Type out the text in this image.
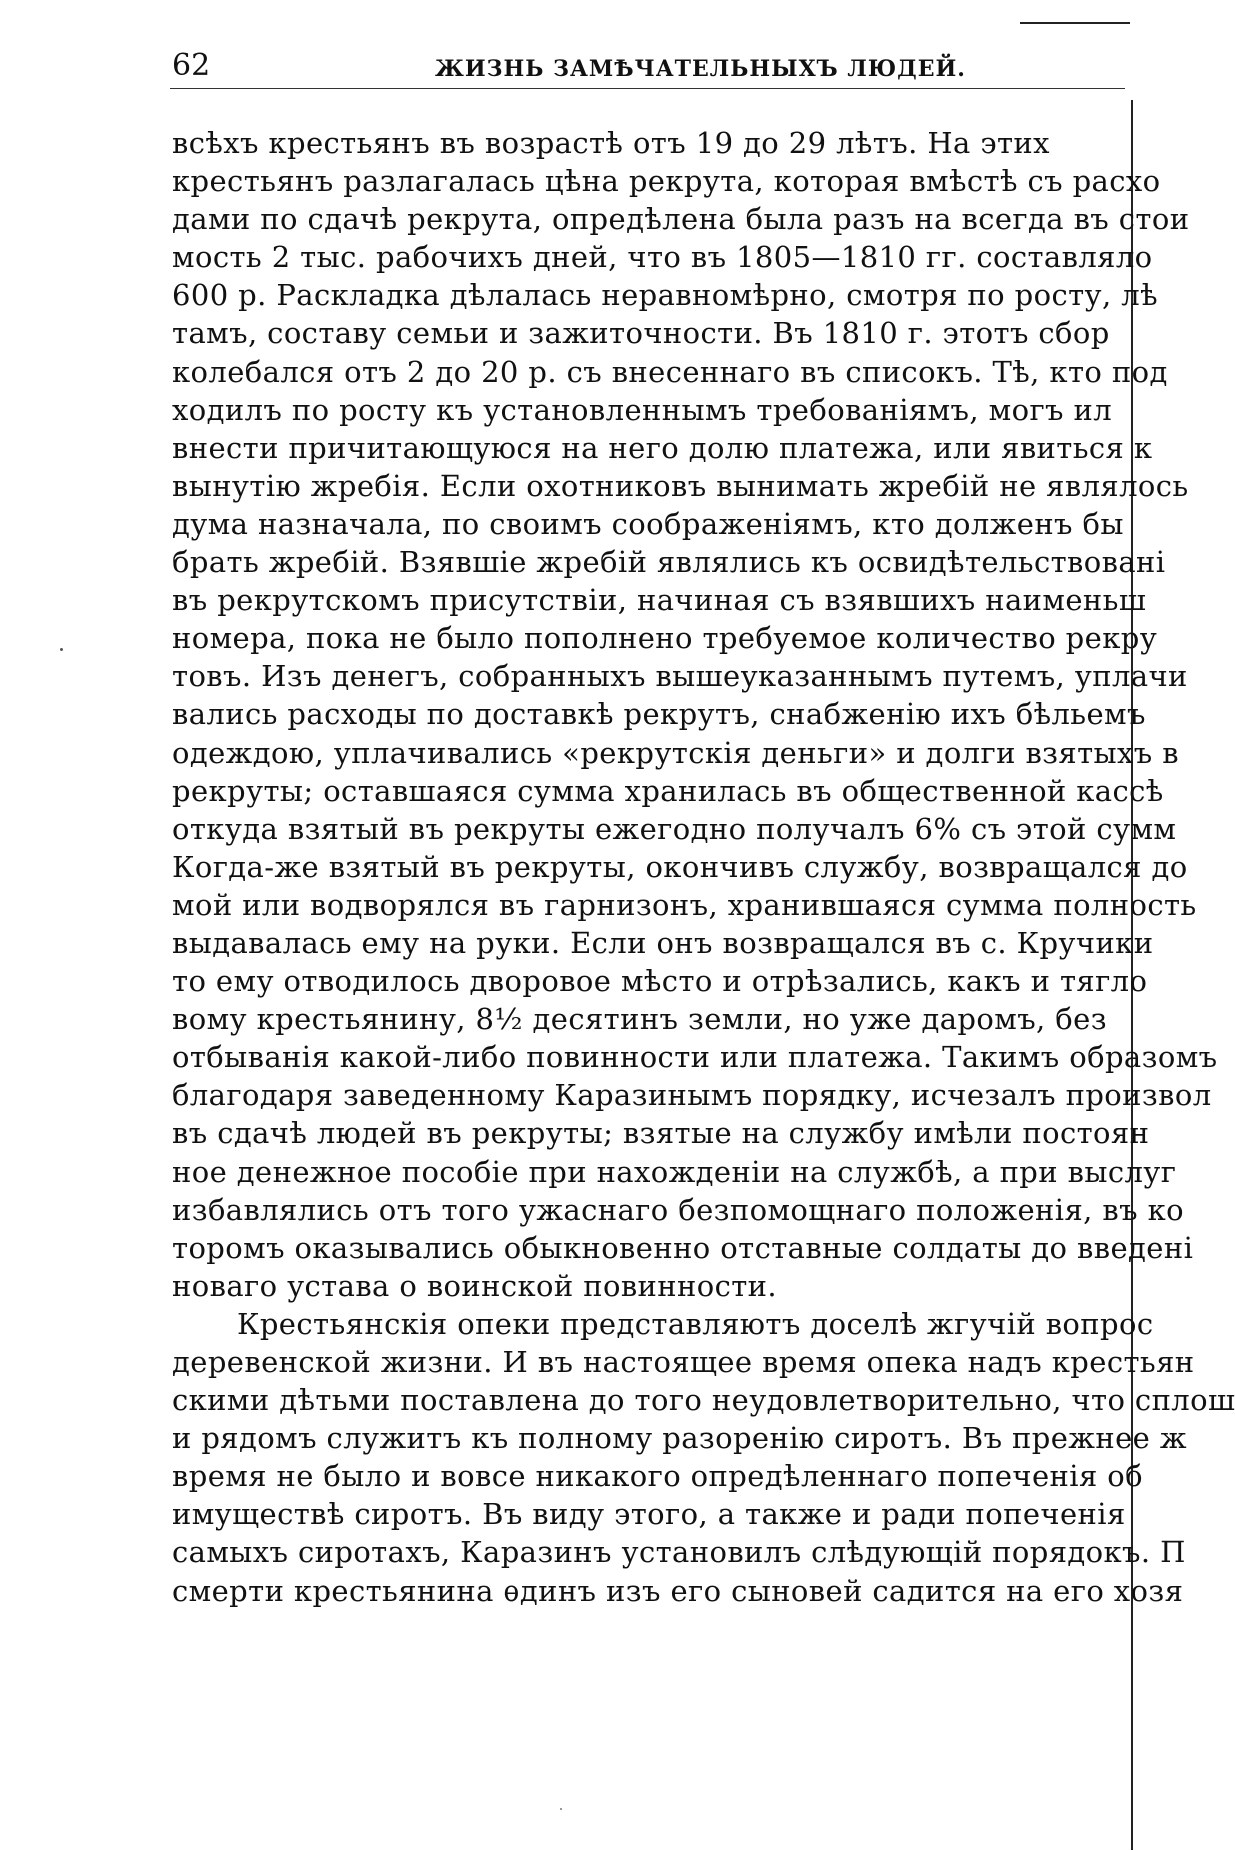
62	ЖИЗНЬ ЗАМѢЧАТЕЛЬНЫХЪ ЛЮДЕЙ.
всѣхъ крестьянъ въ возрастѣ отъ 19 до 29 лѣтъ. На этих
крестьянъ разлагалась цѣна рекрута, которая вмѣстѣ съ расхо
дами по сдачѣ рекрута, опредѣлена была разъ на всегда въ стои
мость 2 тыс. рабочихъ дней, что въ 1805—1810 гг. составляло
600 р. Раскладка дѣлалась неравномѣрно, смотря по росту, лѣ
тамъ, составу семьи и зажиточности. Въ 1810 г. этотъ сбор
колебался отъ 2 до 20 р. съ внесеннаго въ списокъ. Тѣ, кто под
ходилъ по росту къ установленнымъ требованіямъ, могъ ил
внести причитающуюся на него долю платежа, или явиться к
вынутію жребія. Если охотниковъ вынимать жребій не являлось
дума назначала, по своимъ соображеніямъ, кто долженъ бы
брать жребій. Взявшіе жребій являлись къ освидѣтельствовані
въ рекрутскомъ присутствіи, начиная съ взявшихъ наименьш
номера, пока не было пополнено требуемое количество рекру
товъ. Изъ денегъ, собранныхъ вышеуказаннымъ путемъ, уплачи
вались расходы по доставкѣ рекрутъ, снабженію ихъ бѣльемъ
одеждою, уплачивались «рекрутскія деньги» и долги взятыхъ в
рекруты; оставшаяся сумма хранилась въ общественной кассѣ
откуда взятый въ рекруты ежегодно получалъ 6% съ этой сумм
Когда-же взятый въ рекруты, окончивъ службу, возвращался до
мой или водворялся въ гарнизонъ, хранившаяся сумма полность
выдавалась ему на руки. Если онъ возвращался въ с. Кручики
то ему отводилось дворовое мѣсто и отрѣзались, какъ и тягло
вому крестьянину, 8½ десятинъ земли, но уже даромъ, без
отбыванія какой-либо повинности или платежа. Такимъ образомъ
благодаря заведенному Каразинымъ порядку, исчезалъ произвол
въ сдачѣ людей въ рекруты; взятые на службу имѣли постоян
ное денежное пособіе при нахожденіи на службѣ, а при выслуг
избавлялись отъ того ужаснаго безпомощнаго положенія, въ ко
торомъ оказывались обыкновенно отставные солдаты до введені
новаго устава о воинской повинности.
Крестьянскія опеки представляютъ доселѣ жгучій вопрос
деревенской жизни. И въ настоящее время опека надъ крестьян
скими дѣтьми поставлена до того неудовлетворительно, что сплош
и рядомъ служитъ къ полному разоренію сиротъ. Въ прежнее ж
время не было и вовсе никакого опредѣленнаго попеченія об
имуществѣ сиротъ. Въ виду этого, а также и ради попеченія
самыхъ сиротахъ, Каразинъ установилъ слѣдующій порядокъ. П
смерти крестьянина ѳдинъ изъ его сыновей садится на его хозя
